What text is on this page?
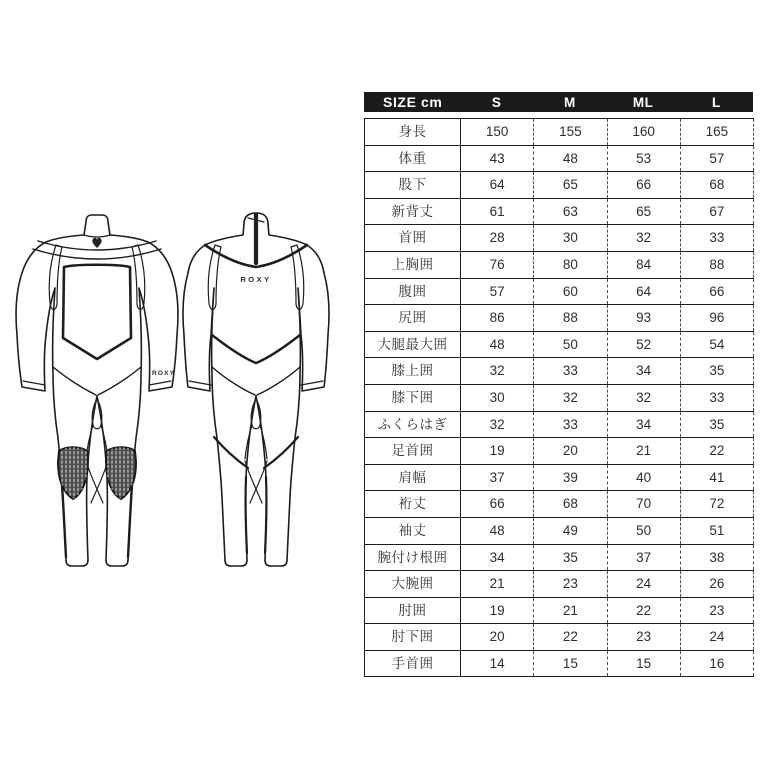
ROXY
ROXY
SIZE cm	S	M	ML	L
身長	150	155	160	165
体重	43	48	53	57
股下	64	65	66	68
新背丈	61	63	65	67
首囲	28	30	32	33
上胸囲	76	80	84	88
腹囲	57	60	64	66
尻囲	86	88	93	96
大腿最大囲	48	50	52	54
膝上囲	32	33	34	35
膝下囲	30	32	32	33
ふくらはぎ	32	33	34	35
足首囲	19	20	21	22
肩幅	37	39	40	41
裄丈	66	68	70	72
袖丈	48	49	50	51
腕付け根囲	34	35	37	38
大腕囲	21	23	24	26
肘囲	19	21	22	23
肘下囲	20	22	23	24
手首囲	14	15	15	16
